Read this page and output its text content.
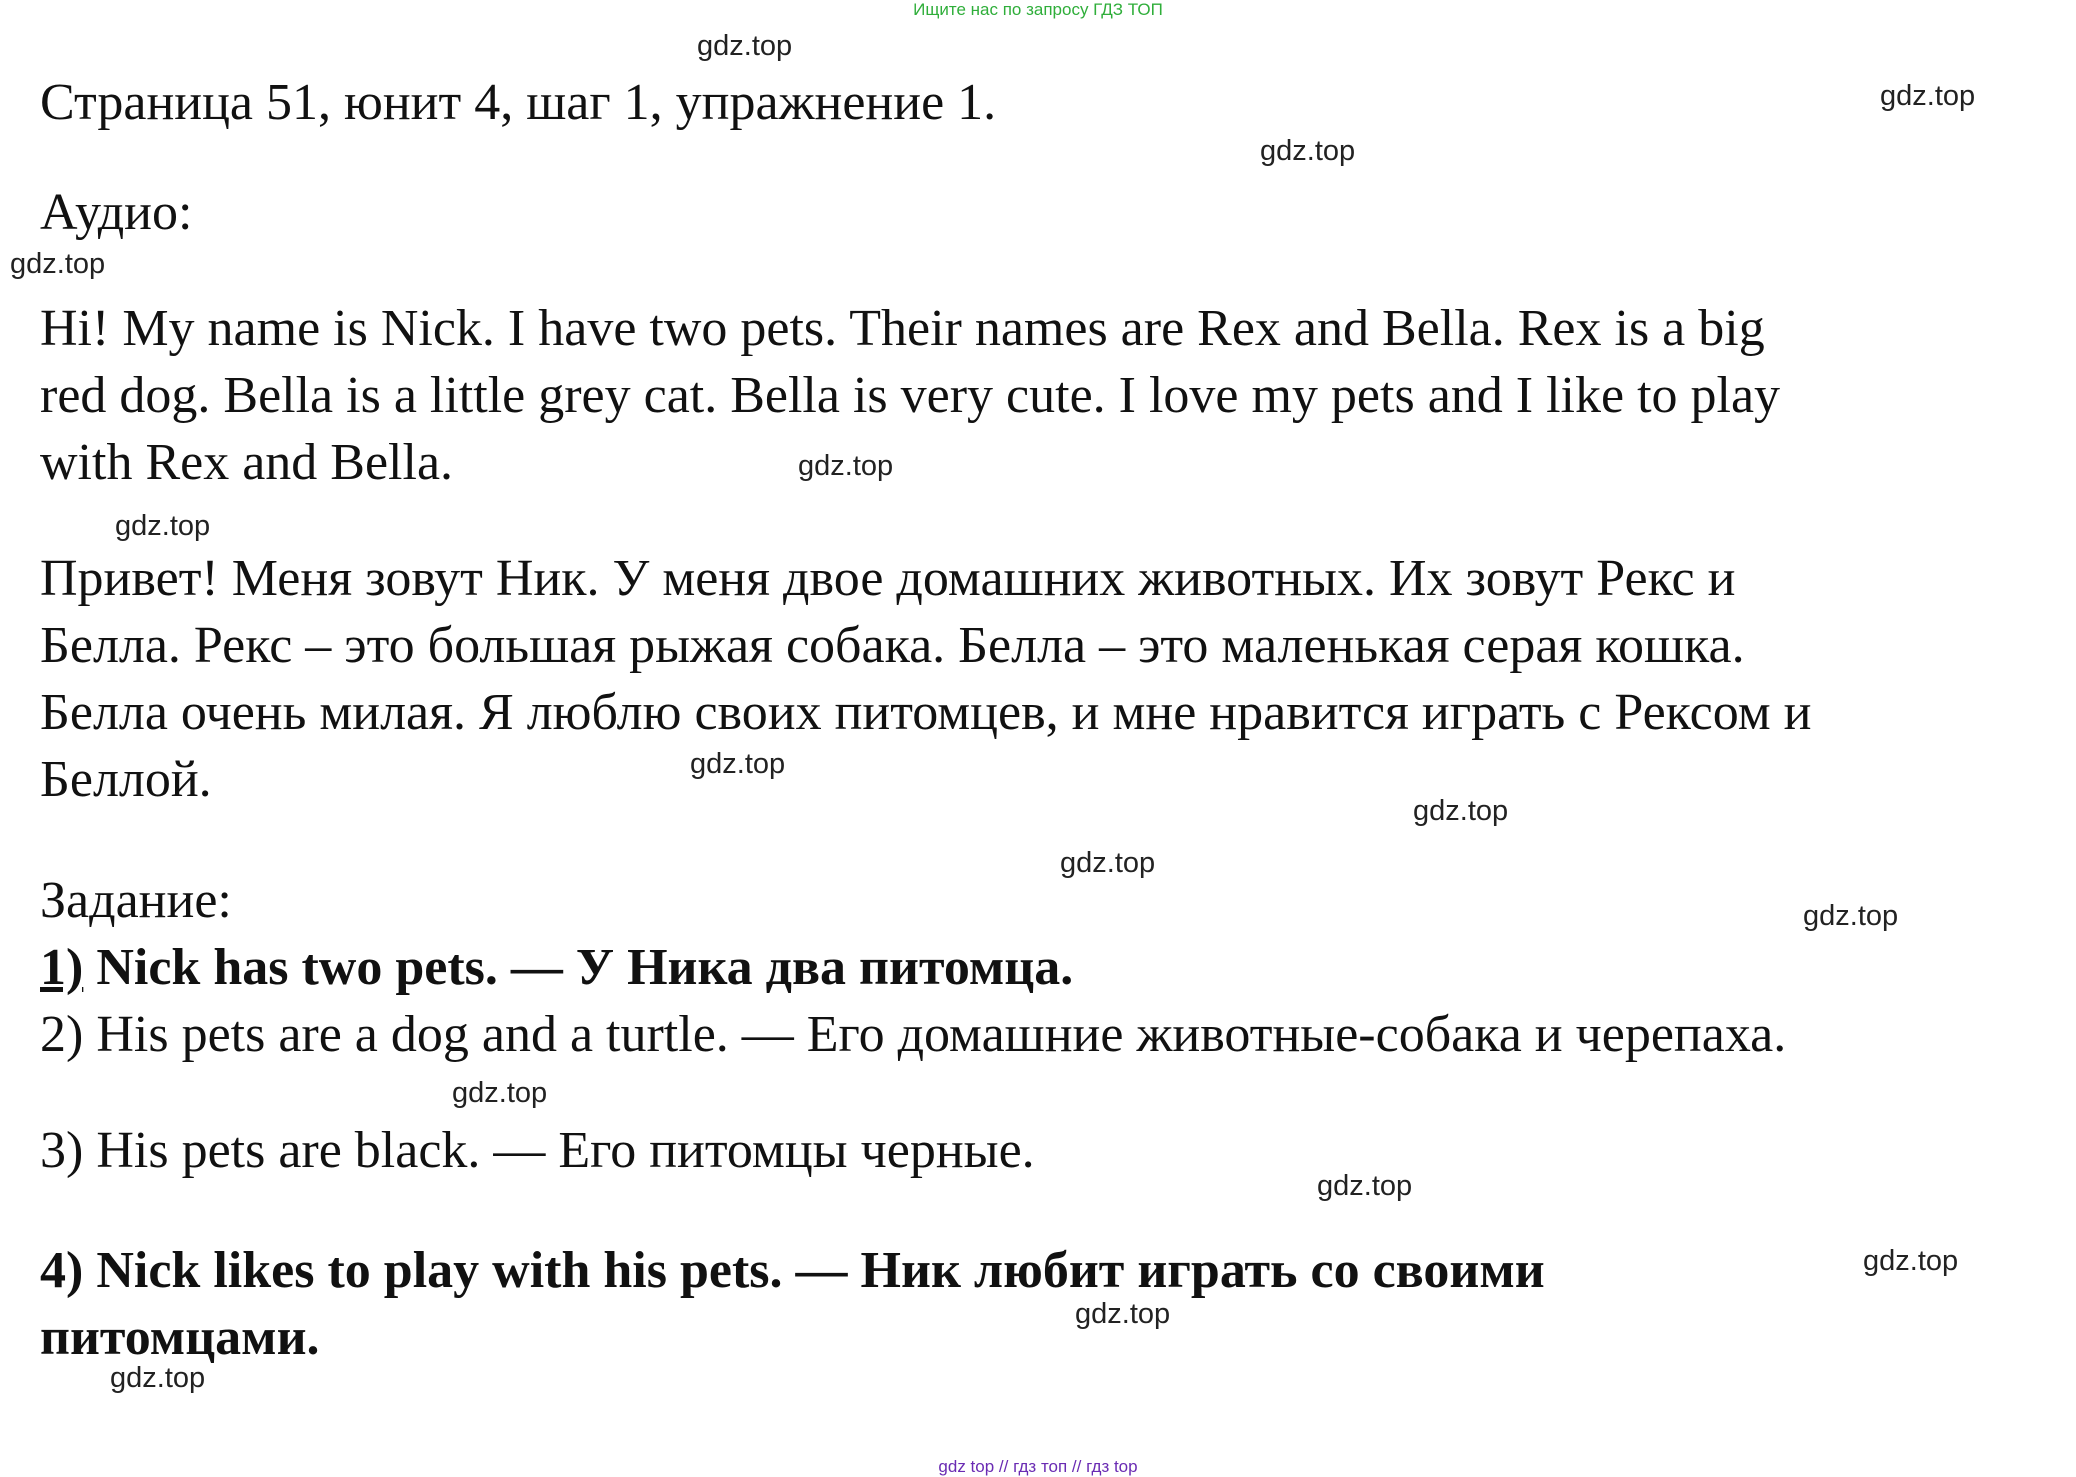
Ищите нас по запросу ГДЗ ТОП
Страница 51, юнит 4, шаг 1, упражнение 1.
Аудио:
Hi! My name is Nick. I have two pets. Their names are Rex and Bella. Rex is a big
red dog. Bella is a little grey cat. Bella is very cute. I love my pets and I like to play
with Rex and Bella.
Привет! Меня зовут Ник. У меня двое домашних животных. Их зовут Рекс и
Белла. Рекс – это большая рыжая собака. Белла – это маленькая серая кошка.
Белла очень милая. Я люблю своих питомцев, и мне нравится играть с Рексом и
Беллой.
Задание:
1) Nick has two pets. — У Ника два питомца.
2) His pets are a dog and a turtle. — Его домашние животные-собака и черепаха.
3) His pets are black. — Его питомцы черные.
4) Nick likes to play with his pets. — Ник любит играть со своими
питомцами.
gdz.top
gdz.top
gdz.top
gdz.top
gdz.top
gdz.top
gdz.top
gdz.top
gdz.top
gdz.top
gdz.top
gdz.top
gdz.top
gdz.top
gdz.top
gdz top // гдз топ // гдз top
